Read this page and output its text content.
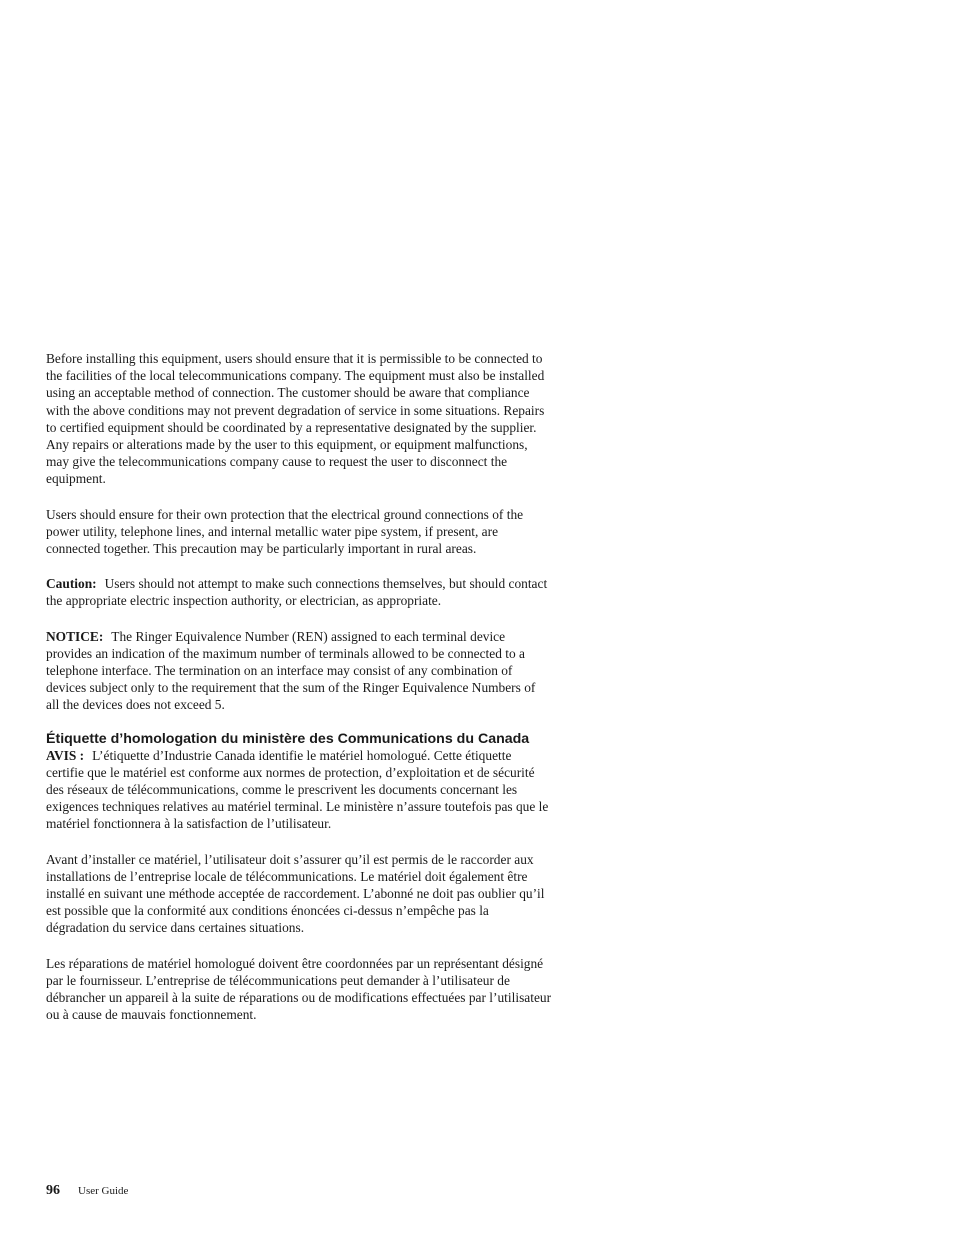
Before installing this equipment, users should ensure that it is permissible to be connected to the facilities of the local telecommunications company. The equipment must also be installed using an acceptable method of connection. The customer should be aware that compliance with the above conditions may not prevent degradation of service in some situations. Repairs to certified equipment should be coordinated by a representative designated by the supplier. Any repairs or alterations made by the user to this equipment, or equipment malfunctions, may give the telecommunications company cause to request the user to disconnect the equipment.

Users should ensure for their own protection that the electrical ground connections of the power utility, telephone lines, and internal metallic water pipe system, if present, are connected together. This precaution may be particularly important in rural areas.

Caution: Users should not attempt to make such connections themselves, but should contact the appropriate electric inspection authority, or electrician, as appropriate.

NOTICE: The Ringer Equivalence Number (REN) assigned to each terminal device provides an indication of the maximum number of terminals allowed to be connected to a telephone interface. The termination on an interface may consist of any combination of devices subject only to the requirement that the sum of the Ringer Equivalence Numbers of all the devices does not exceed 5.

Étiquette d’homologation du ministère des Communications du Canada

AVIS : L’étiquette d’Industrie Canada identifie le matériel homologué. Cette étiquette certifie que le matériel est conforme aux normes de protection, d’exploitation et de sécurité des réseaux de télécommunications, comme le prescrivent les documents concernant les exigences techniques relatives au matériel terminal. Le ministère n’assure toutefois pas que le matériel fonctionnera à la satisfaction de l’utilisateur.

Avant d’installer ce matériel, l’utilisateur doit s’assurer qu’il est permis de le raccorder aux installations de l’entreprise locale de télécommunications. Le matériel doit également être installé en suivant une méthode acceptée de raccordement. L’abonné ne doit pas oublier qu’il est possible que la conformité aux conditions énoncées ci-dessus n’empêche pas la dégradation du service dans certaines situations.

Les réparations de matériel homologué doivent être coordonnées par un représentant désigné par le fournisseur. L’entreprise de télécommunications peut demander à l’utilisateur de débrancher un appareil à la suite de réparations ou de modifications effectuées par l’utilisateur ou à cause de mauvais fonctionnement.

96 User Guide
